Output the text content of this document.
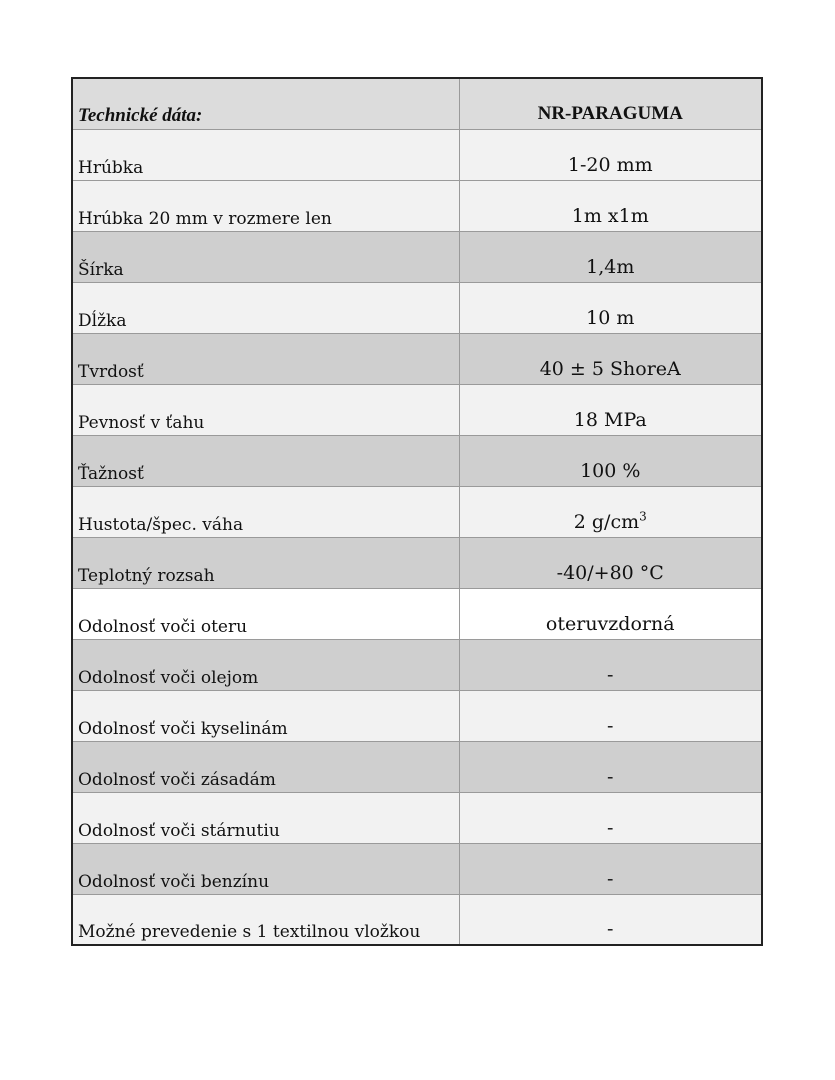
Technické dáta:	NR-PARAGUMA
Hrúbka	1-20 mm
Hrúbka 20 mm v rozmere len	1m x1m
Šírka	1,4m
Dĺžka	10 m
Tvrdosť	40 ± 5 ShoreA
Pevnosť v ťahu	18 MPa
Ťažnosť	100 %
Hustota/špec. váha	2 $g/cm^3$
Teplotný rozsah	-40/+80 °C
Odolnosť voči oteru	oteruvzdorná
Odolnosť voči olejom	-
Odolnosť voči kyselinám	-
Odolnosť voči zásadám	-
Odolnosť voči stárnutiu	-
Odolnosť voči benzínu	-
Možné prevedenie s 1 textilnou vložkou	-
